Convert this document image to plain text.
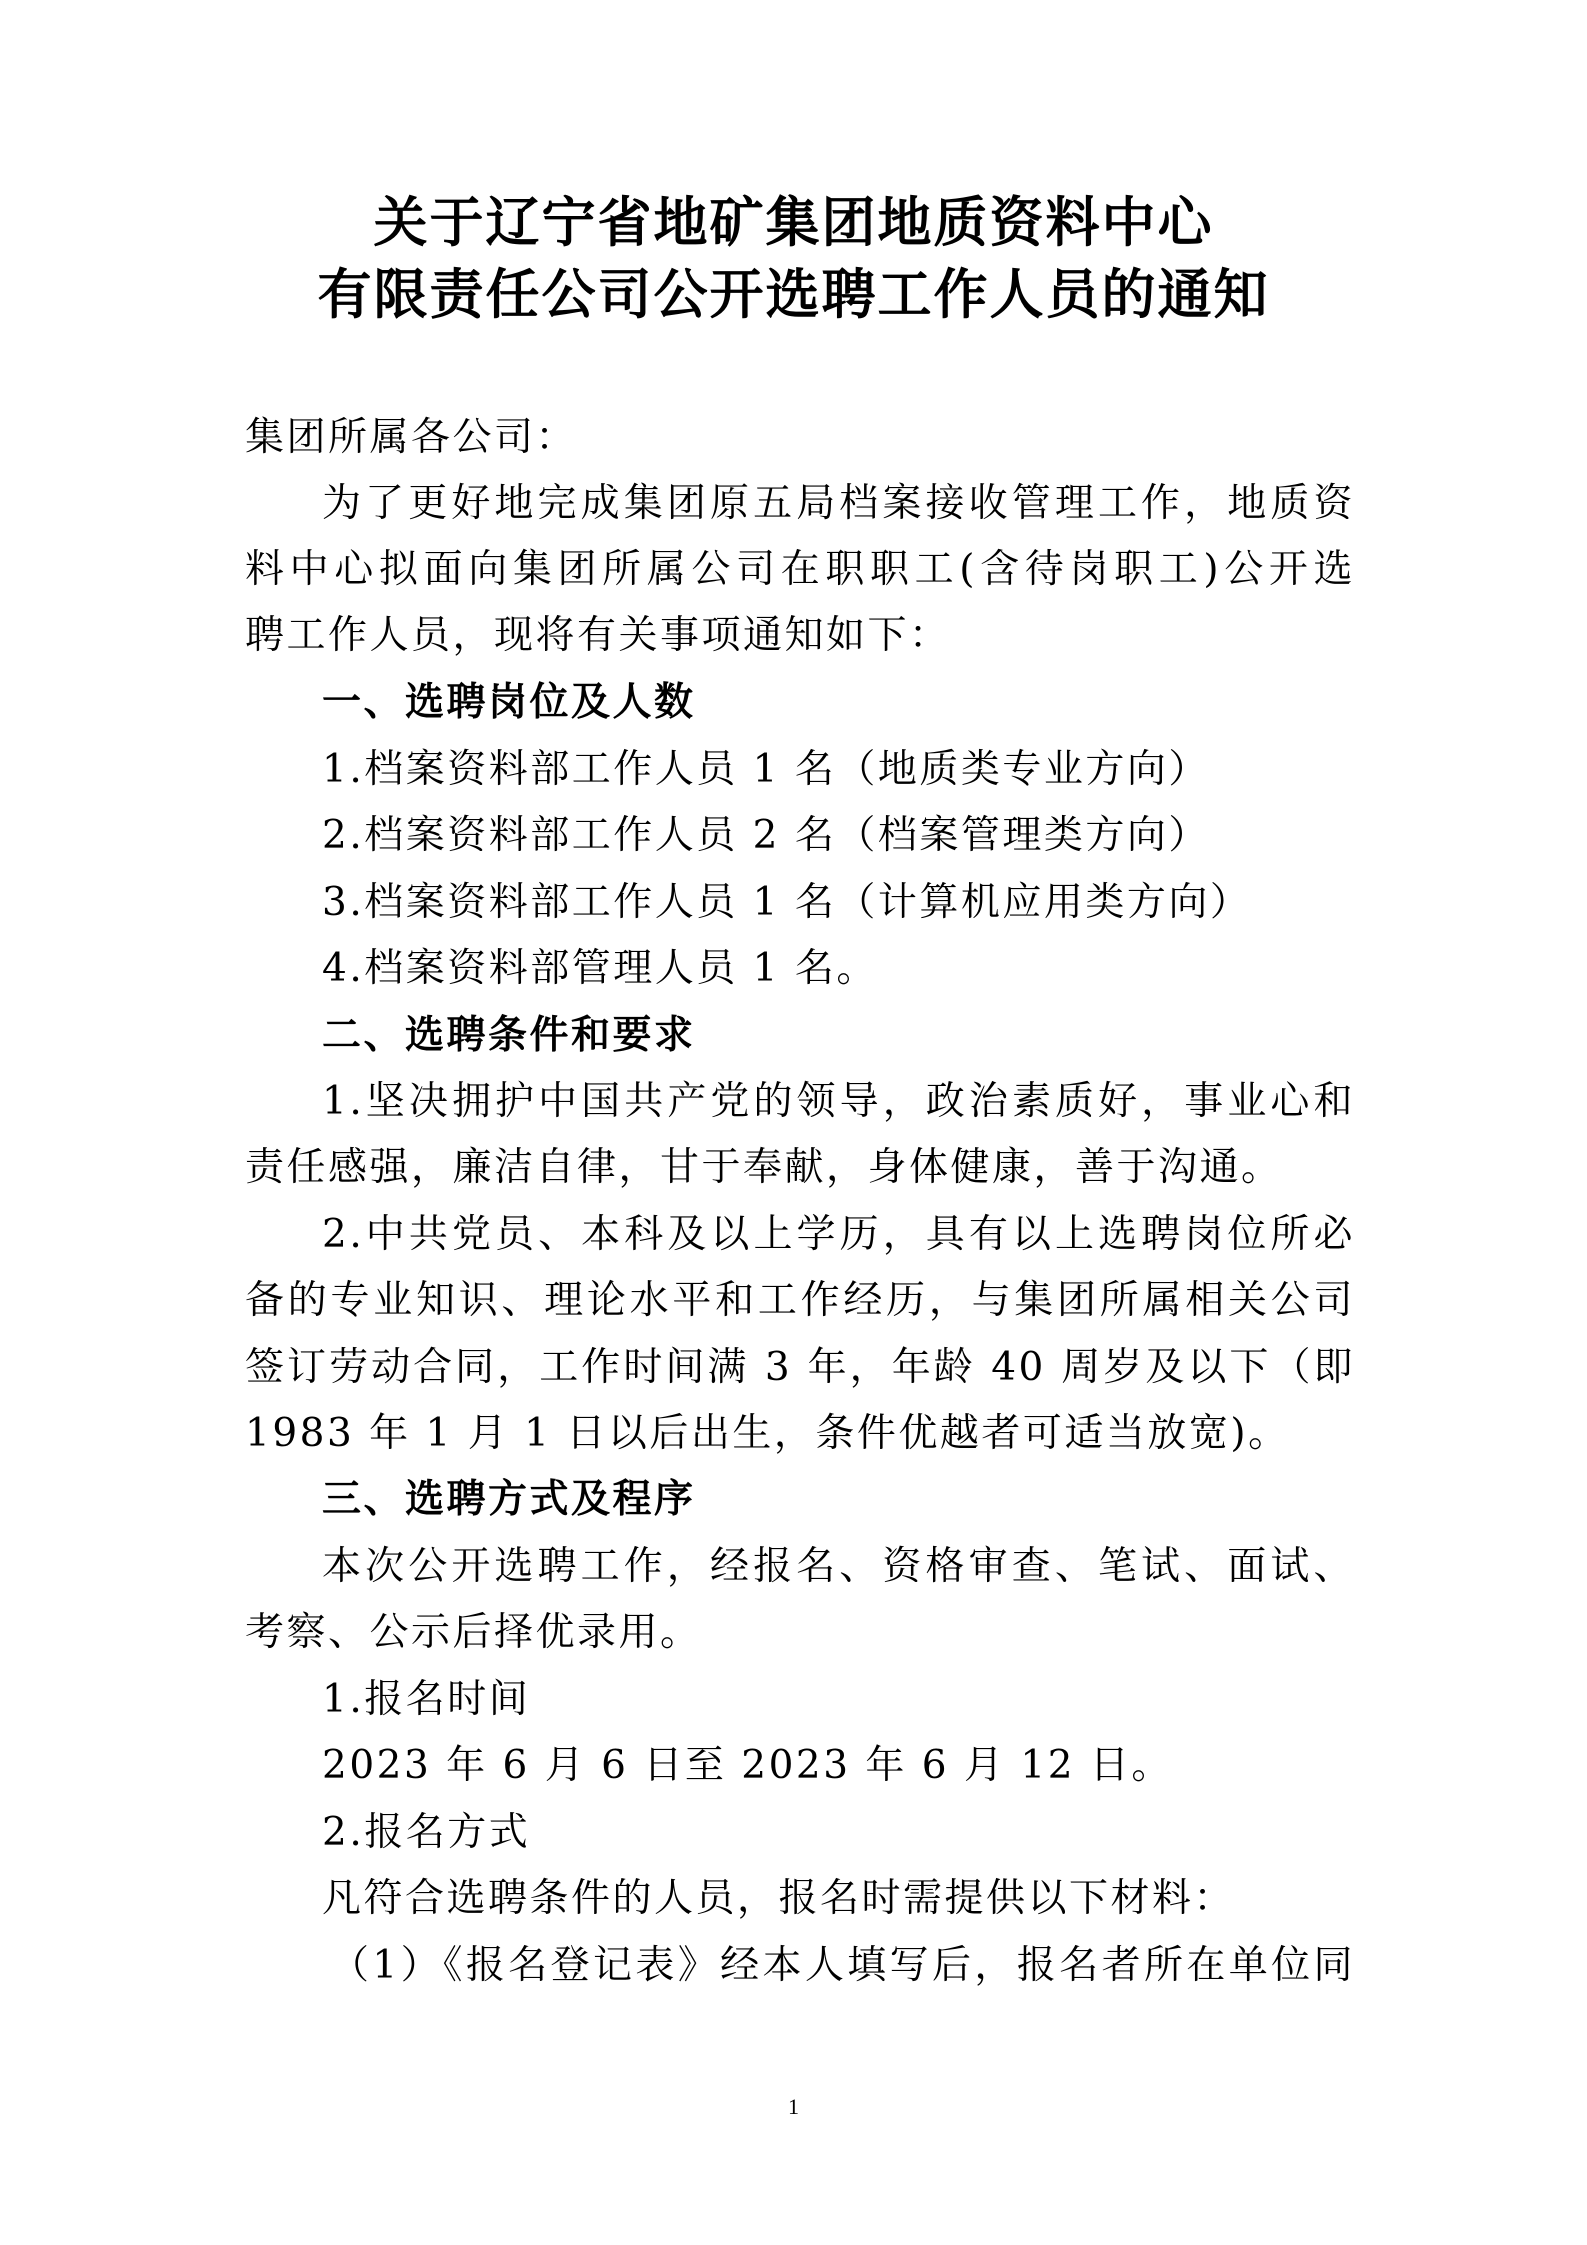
关于辽宁省地矿集团地质资料中心
有限责任公司公开选聘工作人员的通知
集团所属各公司：
为了更好地完成集团原五局档案接收管理工作，地质资
料中心拟面向集团所属公司在职职工(含待岗职工)公开选
聘工作人员，现将有关事项通知如下：
一、选聘岗位及人数
1.档案资料部工作人员 1 名（地质类专业方向）
2.档案资料部工作人员 2 名（档案管理类方向）
3.档案资料部工作人员 1 名（计算机应用类方向）
4.档案资料部管理人员 1 名。
二、选聘条件和要求
1.坚决拥护中国共产党的领导，政治素质好，事业心和
责任感强，廉洁自律，甘于奉献，身体健康，善于沟通。
2.中共党员、本科及以上学历，具有以上选聘岗位所必
备的专业知识、理论水平和工作经历，与集团所属相关公司
签订劳动合同，工作时间满 3 年，年龄 40 周岁及以下（即
1983 年 1 月 1 日以后出生，条件优越者可适当放宽)。
三、选聘方式及程序
本次公开选聘工作，经报名、资格审查、笔试、面试、
考察、公示后择优录用。
1.报名时间
2023 年 6 月 6 日至 2023 年 6 月 12 日。
2.报名方式
凡符合选聘条件的人员，报名时需提供以下材料：
（1）《报名登记表》经本人填写后，报名者所在单位同
1
